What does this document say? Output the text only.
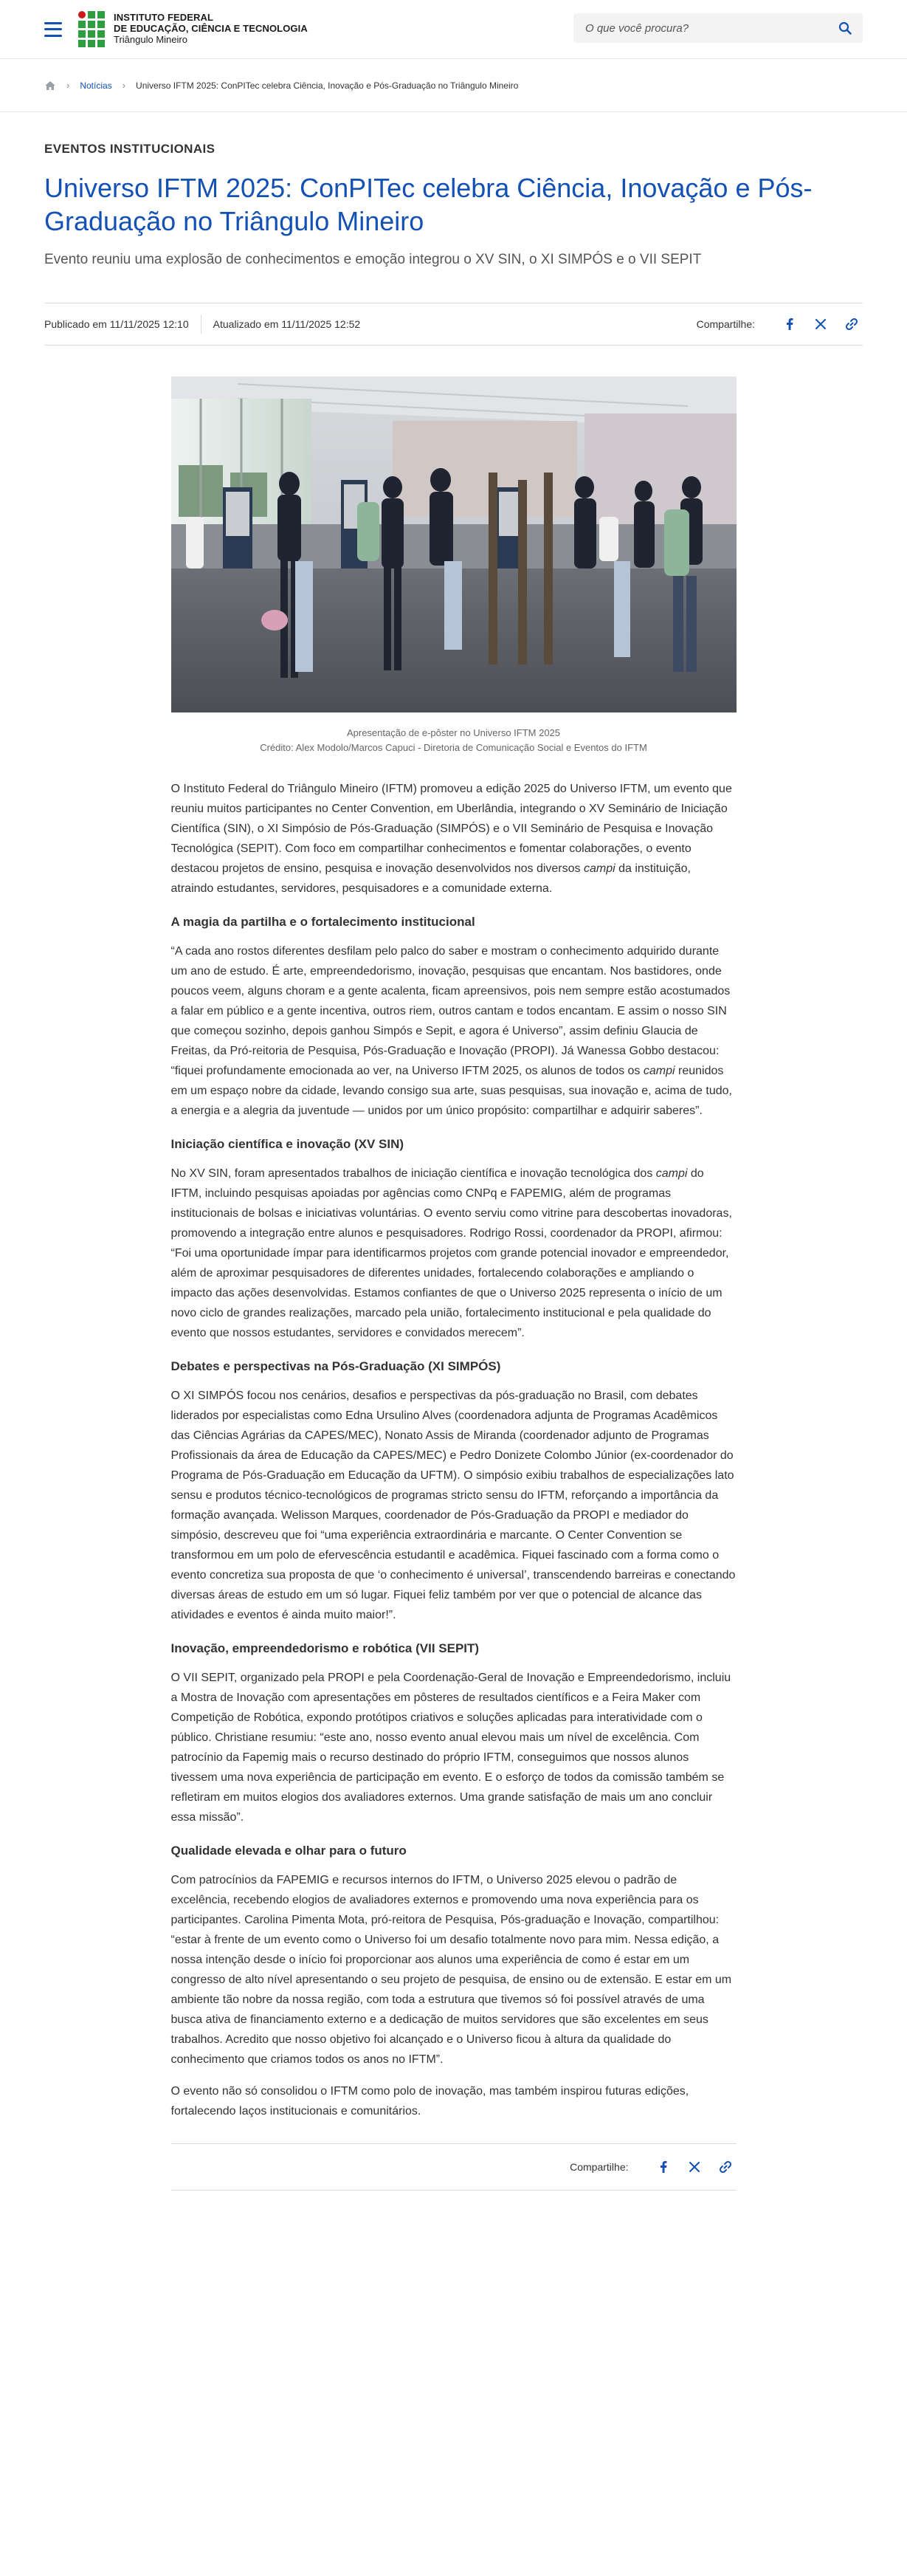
INSTITUTO FEDERAL
DE EDUCAÇÃO, CIÊNCIA E TECNOLOGIA
Triângulo Mineiro
O que você procura?
› Notícias › Universo IFTM 2025: ConPITec celebra Ciência, Inovação e Pós-Graduação no Triângulo Mineiro
EVENTOS INSTITUCIONAIS
Universo IFTM 2025: ConPITec celebra Ciência, Inovação e Pós-Graduação no Triângulo Mineiro
Evento reuniu uma explosão de conhecimentos e emoção integrou o XV SIN, o XI SIMPÓS e o VII SEPIT
Publicado em 11/11/2025 12:10 Atualizado em 11/11/2025 12:52	Compartilhe:
Apresentação de e-pôster no Universo IFTM 2025
Crédito: Alex Modolo/Marcos Capuci - Diretoria de Comunicação Social e Eventos do IFTM

O Instituto Federal do Triângulo Mineiro (IFTM) promoveu a edição 2025 do Universo IFTM, um evento que reuniu muitos participantes no Center Convention, em Uberlândia, integrando o XV Seminário de Iniciação Científica (SIN), o XI Simpósio de Pós-Graduação (SIMPÓS) e o VII Seminário de Pesquisa e Inovação Tecnológica (SEPIT). Com foco em compartilhar conhecimentos e fomentar colaborações, o evento destacou projetos de ensino, pesquisa e inovação desenvolvidos nos diversos campi da instituição, atraindo estudantes, servidores, pesquisadores e a comunidade externa.

A magia da partilha e o fortalecimento institucional

“A cada ano rostos diferentes desfilam pelo palco do saber e mostram o conhecimento adquirido durante um ano de estudo. É arte, empreendedorismo, inovação, pesquisas que encantam. Nos bastidores, onde poucos veem, alguns choram e a gente acalenta, ficam apreensivos, pois nem sempre estão acostumados a falar em público e a gente incentiva, outros riem, outros cantam e todos encantam. E assim o nosso SIN que começou sozinho, depois ganhou Simpós e Sepit, e agora é Universo”, assim definiu Glaucia de Freitas, da Pró-reitoria de Pesquisa, Pós-Graduação e Inovação (PROPI). Já Wanessa Gobbo destacou: “fiquei profundamente emocionada ao ver, na Universo IFTM 2025, os alunos de todos os campi reunidos em um espaço nobre da cidade, levando consigo sua arte, suas pesquisas, sua inovação e, acima de tudo, a energia e a alegria da juventude — unidos por um único propósito: compartilhar e adquirir saberes”.

Iniciação científica e inovação (XV SIN)

No XV SIN, foram apresentados trabalhos de iniciação científica e inovação tecnológica dos campi do IFTM, incluindo pesquisas apoiadas por agências como CNPq e FAPEMIG, além de programas institucionais de bolsas e iniciativas voluntárias. O evento serviu como vitrine para descobertas inovadoras, promovendo a integração entre alunos e pesquisadores. Rodrigo Rossi, coordenador da PROPI, afirmou: “Foi uma oportunidade ímpar para identificarmos projetos com grande potencial inovador e empreendedor, além de aproximar pesquisadores de diferentes unidades, fortalecendo colaborações e ampliando o impacto das ações desenvolvidas. Estamos confiantes de que o Universo 2025 representa o início de um novo ciclo de grandes realizações, marcado pela união, fortalecimento institucional e pela qualidade do evento que nossos estudantes, servidores e convidados merecem”.

Debates e perspectivas na Pós-Graduação (XI SIMPÓS)

O XI SIMPÓS focou nos cenários, desafios e perspectivas da pós-graduação no Brasil, com debates liderados por especialistas como Edna Ursulino Alves (coordenadora adjunta de Programas Acadêmicos das Ciências Agrárias da CAPES/MEC), Nonato Assis de Miranda (coordenador adjunto de Programas Profissionais da área de Educação da CAPES/MEC) e Pedro Donizete Colombo Júnior (ex-coordenador do Programa de Pós-Graduação em Educação da UFTM). O simpósio exibiu trabalhos de especializações lato sensu e produtos técnico-tecnológicos de programas stricto sensu do IFTM, reforçando a importância da formação avançada. Welisson Marques, coordenador de Pós-Graduação da PROPI e mediador do simpósio, descreveu que foi “uma experiência extraordinária e marcante. O Center Convention se transformou em um polo de efervescência estudantil e acadêmica. Fiquei fascinado com a forma como o evento concretiza sua proposta de que ‘o conhecimento é universal’, transcendendo barreiras e conectando diversas áreas de estudo em um só lugar. Fiquei feliz também por ver que o potencial de alcance das atividades e eventos é ainda muito maior!”.

Inovação, empreendedorismo e robótica (VII SEPIT)

O VII SEPIT, organizado pela PROPI e pela Coordenação-Geral de Inovação e Empreendedorismo, incluiu a Mostra de Inovação com apresentações em pôsteres de resultados científicos e a Feira Maker com Competição de Robótica, expondo protótipos criativos e soluções aplicadas para interatividade com o público. Christiane resumiu: “este ano, nosso evento anual elevou mais um nível de excelência. Com patrocínio da Fapemig mais o recurso destinado do próprio IFTM, conseguimos que nossos alunos tivessem uma nova experiência de participação em evento. E o esforço de todos da comissão também se refletiram em muitos elogios dos avaliadores externos. Uma grande satisfação de mais um ano concluir essa missão”.

Qualidade elevada e olhar para o futuro

Com patrocínios da FAPEMIG e recursos internos do IFTM, o Universo 2025 elevou o padrão de excelência, recebendo elogios de avaliadores externos e promovendo uma nova experiência para os participantes. Carolina Pimenta Mota, pró-reitora de Pesquisa, Pós-graduação e Inovação, compartilhou: “estar à frente de um evento como o Universo foi um desafio totalmente novo para mim. Nessa edição, a nossa intenção desde o início foi proporcionar aos alunos uma experiência de como é estar em um congresso de alto nível apresentando o seu projeto de pesquisa, de ensino ou de extensão. E estar em um ambiente tão nobre da nossa região, com toda a estrutura que tivemos só foi possível através de uma busca ativa de financiamento externo e a dedicação de muitos servidores que são excelentes em seus trabalhos. Acredito que nosso objetivo foi alcançado e o Universo ficou à altura da qualidade do conhecimento que criamos todos os anos no IFTM”.

O evento não só consolidou o IFTM como polo de inovação, mas também inspirou futuras edições, fortalecendo laços institucionais e comunitários.

Compartilhe:
